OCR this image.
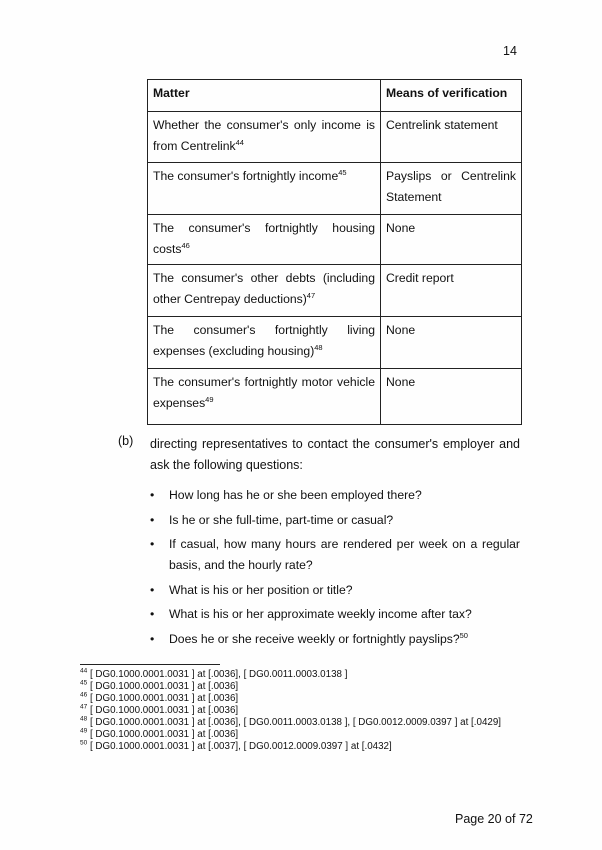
14
Matter	Means of verification
Whether the consumer's only income is from Centrelink$^{44}$	Centrelink statement
The consumer's fortnightly income$^{45}$	Payslips or Centrelink Statement
The consumer's fortnightly housing costs$^{46}$	None
The consumer's other debts (including other Centrepay deductions)$^{47}$	Credit report
The consumer's fortnightly living expenses (excluding housing)$^{48}$	None
The consumer's fortnightly motor vehicle expenses$^{49}$	None
(b) directing representatives to contact the consumer's employer and ask the following questions:
• How long has he or she been employed there?
• Is he or she full-time, part-time or casual?
• If casual, how many hours are rendered per week on a regular basis, and the hourly rate?
• What is his or her position or title?
• What is his or her approximate weekly income after tax?
• Does he or she receive weekly or fortnightly payslips?$^{50}$
$^{44}$ [ DG0.1000.0001.0031 ] at [.0036], [ DG0.0011.0003.0138 ]
$^{45}$ [ DG0.1000.0001.0031 ] at [.0036]
$^{46}$ [ DG0.1000.0001.0031 ] at [.0036]
$^{47}$ [ DG0.1000.0001.0031 ] at [.0036]
$^{48}$ [ DG0.1000.0001.0031 ] at [.0036], [ DG0.0011.0003.0138 ], [ DG0.0012.0009.0397 ] at [.0429]
$^{49}$ [ DG0.1000.0001.0031 ] at [.0036]
$^{50}$ [ DG0.1000.0001.0031 ] at [.0037], [ DG0.0012.0009.0397 ] at [.0432]
Page 20 of 72
